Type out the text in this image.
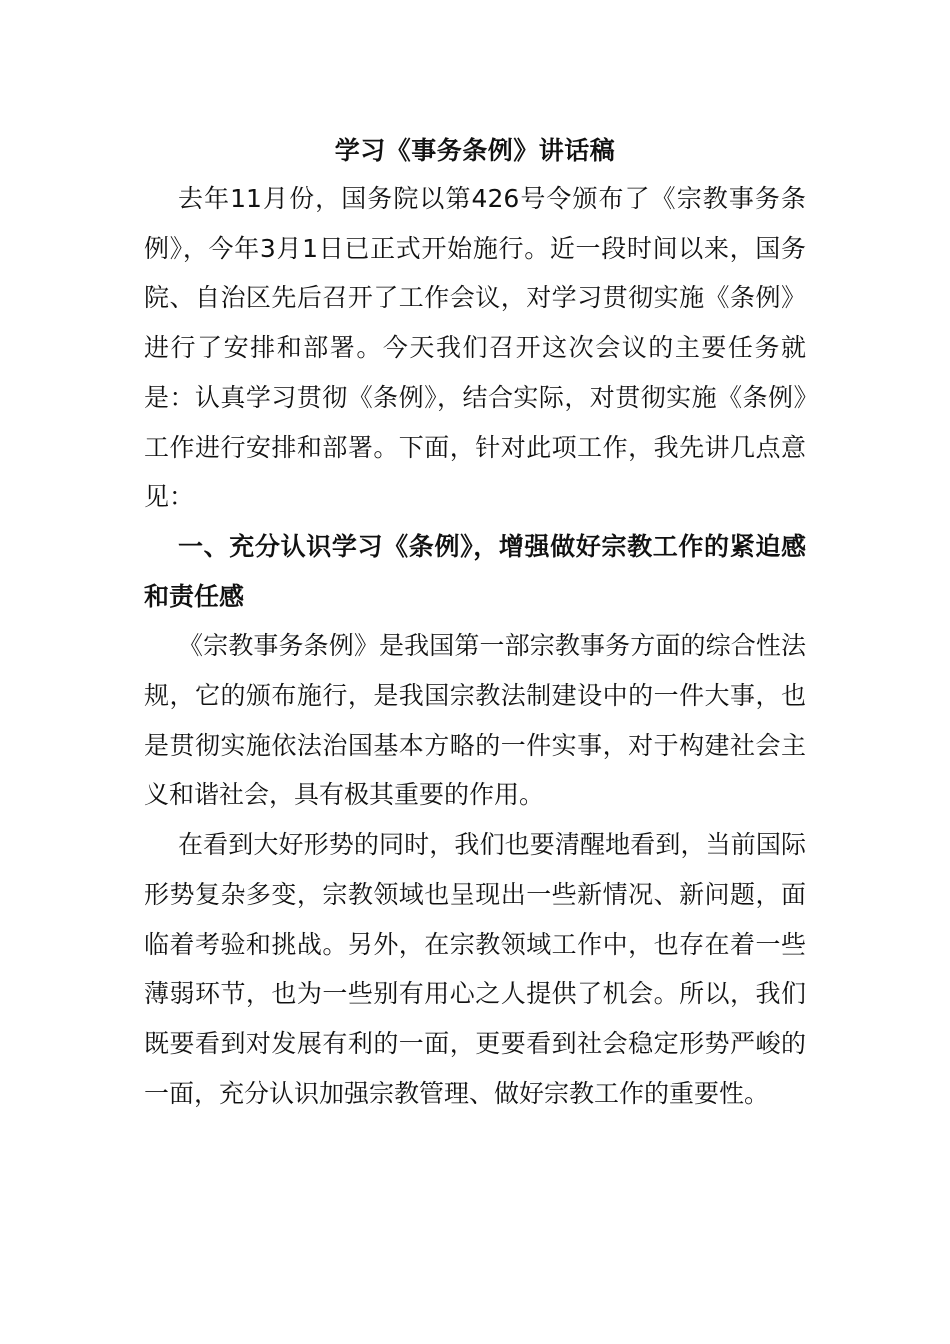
学习《事务条例》讲话稿

去年11月份，国务院以第426号令颁布了《宗教事务条例》，今年3月1日已正式开始施行。近一段时间以来，国务院、自治区先后召开了工作会议，对学习贯彻实施《条例》进行了安排和部署。今天我们召开这次会议的主要任务就是：认真学习贯彻《条例》，结合实际，对贯彻实施《条例》工作进行安排和部署。下面，针对此项工作，我先讲几点意见：

一、充分认识学习《条例》，增强做好宗教工作的紧迫感和责任感

《宗教事务条例》是我国第一部宗教事务方面的综合性法规，它的颁布施行，是我国宗教法制建设中的一件大事，也是贯彻实施依法治国基本方略的一件实事，对于构建社会主义和谐社会，具有极其重要的作用。

在看到大好形势的同时，我们也要清醒地看到，当前国际形势复杂多变，宗教领域也呈现出一些新情况、新问题，面临着考验和挑战。另外，在宗教领域工作中，也存在着一些薄弱环节，也为一些别有用心之人提供了机会。所以，我们既要看到对发展有利的一面，更要看到社会稳定形势严峻的一面，充分认识加强宗教管理、做好宗教工作的重要性。
